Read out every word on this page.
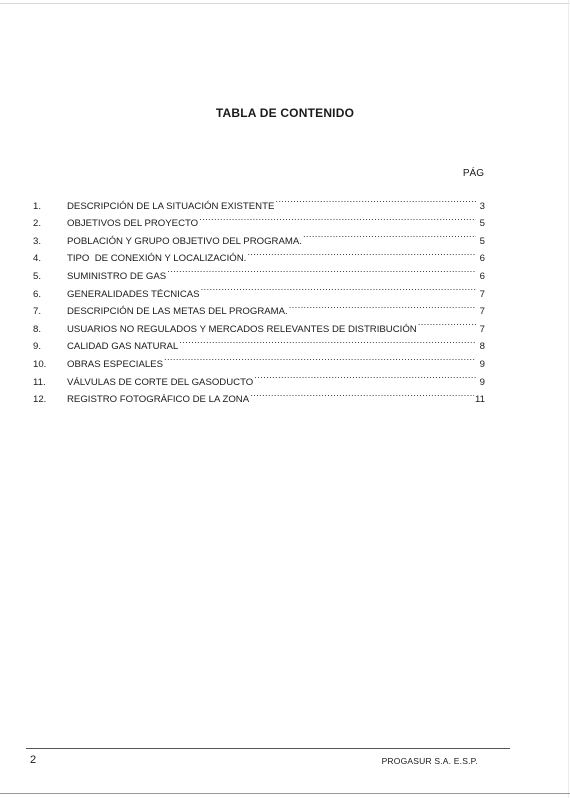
TABLA DE CONTENIDO
PÁG
1.	DESCRIPCIÓN DE LA SITUACIÓN EXISTENTE .....	3
2.	OBJETIVOS DEL PROYECTO .....	5
3.	POBLACIÓN Y GRUPO OBJETIVO DEL PROGRAMA. .....	5
4.	TIPO  DE CONEXIÓN Y LOCALIZACIÓN. .....	6
5.	SUMINISTRO DE GAS .....	6
6.	GENERALIDADES TÉCNICAS .....	7
7.	DESCRIPCIÓN DE LAS METAS DEL PROGRAMA. .....	7
8.	USUARIOS NO REGULADOS Y MERCADOS RELEVANTES DE DISTRIBUCIÓN .....	7
9.	CALIDAD GAS NATURAL .....	8
10.	OBRAS ESPECIALES .....	9
11.	VÁLVULAS DE CORTE DEL GASODUCTO .....	9
12.	REGISTRO FOTOGRÁFICO DE LA ZONA .....	11
2	PROGASUR S.A. E.S.P.
